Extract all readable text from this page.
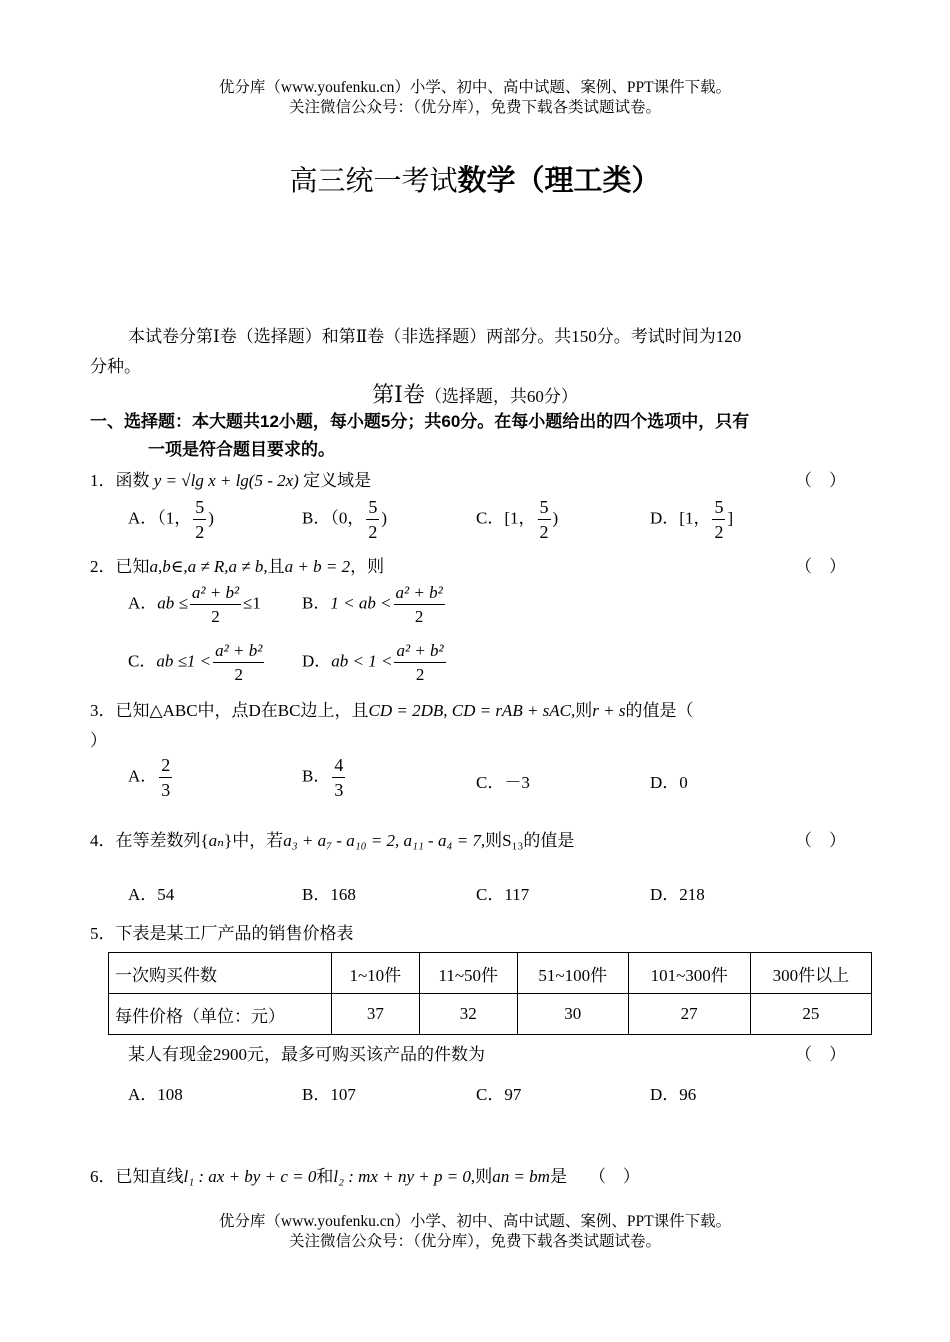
优分库（www.youfenku.cn）小学、初中、高中试题、案例、PPT课件下载。
关注微信公众号：（优分库），免费下载各类试题试卷。
高三统一考试数学（理工类）
本试卷分第Ⅰ卷（选择题）和第Ⅱ卷（非选择题）两部分。共150分。考试时间为120
分种。
第Ⅰ卷（选择题，共60分）
一、选择题：本大题共12小题，每小题5分；共60分。在每小题给出的四个选项中，只有
一项是符合题目要求的。
1．函数 y = √lg x + lg(5 - 2x) 定义域是	（　）
A．（1， $\frac{5}{2}$ )	B．（0， $\frac{5}{2}$ )	C．[1， $\frac{5}{2}$ )	D．[1， $\frac{5}{2}$ ]
2．已知a,b∈,a ≠ R,a ≠ b,且a + b = 2，则	（　）
A．ab ≤ $\frac{\text{a² + b²}}{2} \le 1$ B．1 < ab < $\frac{\text{a² + b²}}{2}$
C．ab $\le 1 < \frac{\text{a² + b²}}{2}$ D．ab < $1 < \frac{\text{a² + b²}}{2}$
3．已知△ABC中，点D在BC边上，且CD = 2DB, CD = rAB + sAC,则r + s的值是（
）
A． $\frac{2}{3}$	B． $\frac{4}{3}$	C．－3	D．0
4．在等差数列{aₙ}中，若a₃ + a₇ - a₁₀ = 2, a₁₁ - a₄ = 7,则S₁₃的值是	（　）
A．54	B．168	C．117	D．218
5．下表是某工厂产品的销售价格表
一次购买件数	1~10件	11~50件	51~100件	101~300件	300件以上
每件价格（单位：元）	37	32	30	27	25
某人有现金2900元，最多可购买该产品的件数为	（　）
A．108	B．107	C．97	D．96
6．已知直线l₁ : ax + by + c = 0和l₂ : mx + ny + p = 0,则an = bm是 （　）
优分库（www.youfenku.cn）小学、初中、高中试题、案例、PPT课件下载。
关注微信公众号：（优分库），免费下载各类试题试卷。
